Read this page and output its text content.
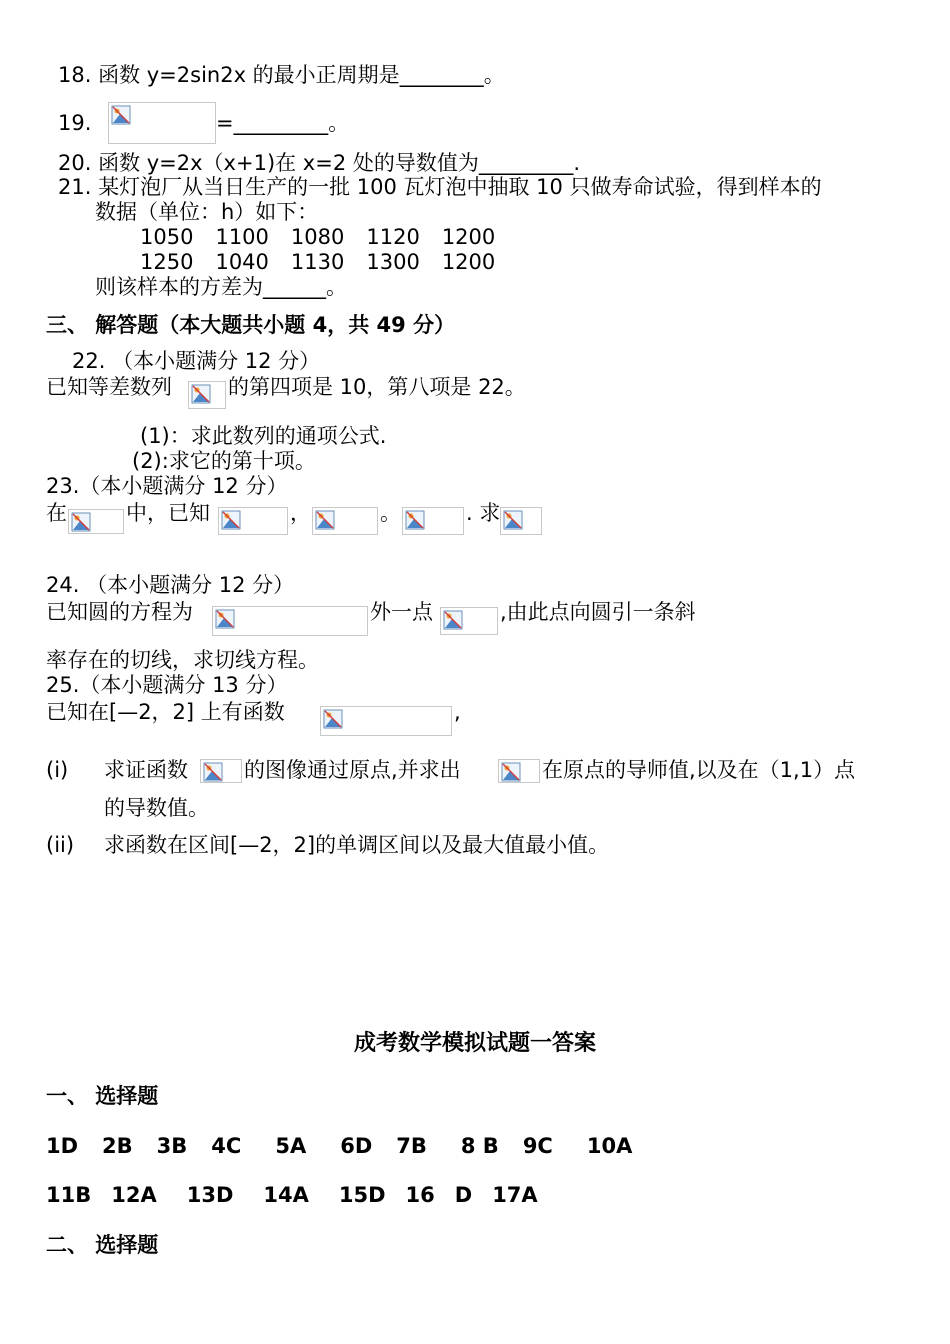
18. 函数 y=2sin2x 的最小正周期是________。
19.	=_________。
20. 函数 y=2x（x+1)在 x=2 处的导数值为_________.
21. 某灯泡厂从当日生产的一批 100 瓦灯泡中抽取 10 只做寿命试验，得到样本的
数据（单位：h）如下：
1050 1100 1080 1120 1200
1250 1040 1130 1300 1200
则该样本的方差为______。
三、 解答题（本大题共小题 4，共 49 分）
22. （本小题满分 12 分）
已知等差数列	的第四项是 10，第八项是 22。
(1)：求此数列的通项公式.
(2):求它的第十项。
23.（本小题满分 12 分）
在	中，已知	，	。	. 求
24. （本小题满分 12 分）
已知圆的方程为	外一点	,由此点向圆引一条斜
率存在的切线，求切线方程。
25.（本小题满分 13 分）
已知在[—2，2] 上有函数	,
(i) 求证函数	的图像通过原点,并求出	在原点的导师值,以及在（1,1）点
的导数值。
(ii) 求函数在区间[—2，2]的单调区间以及最大值最小值。
成考数学模拟试题一答案
一、 选择题
1D 2B 3B 4C 5A 6D 7B 8 B 9C 10A
11B 12A 13D 14A 15D 16 D 17A
二、 选择题
